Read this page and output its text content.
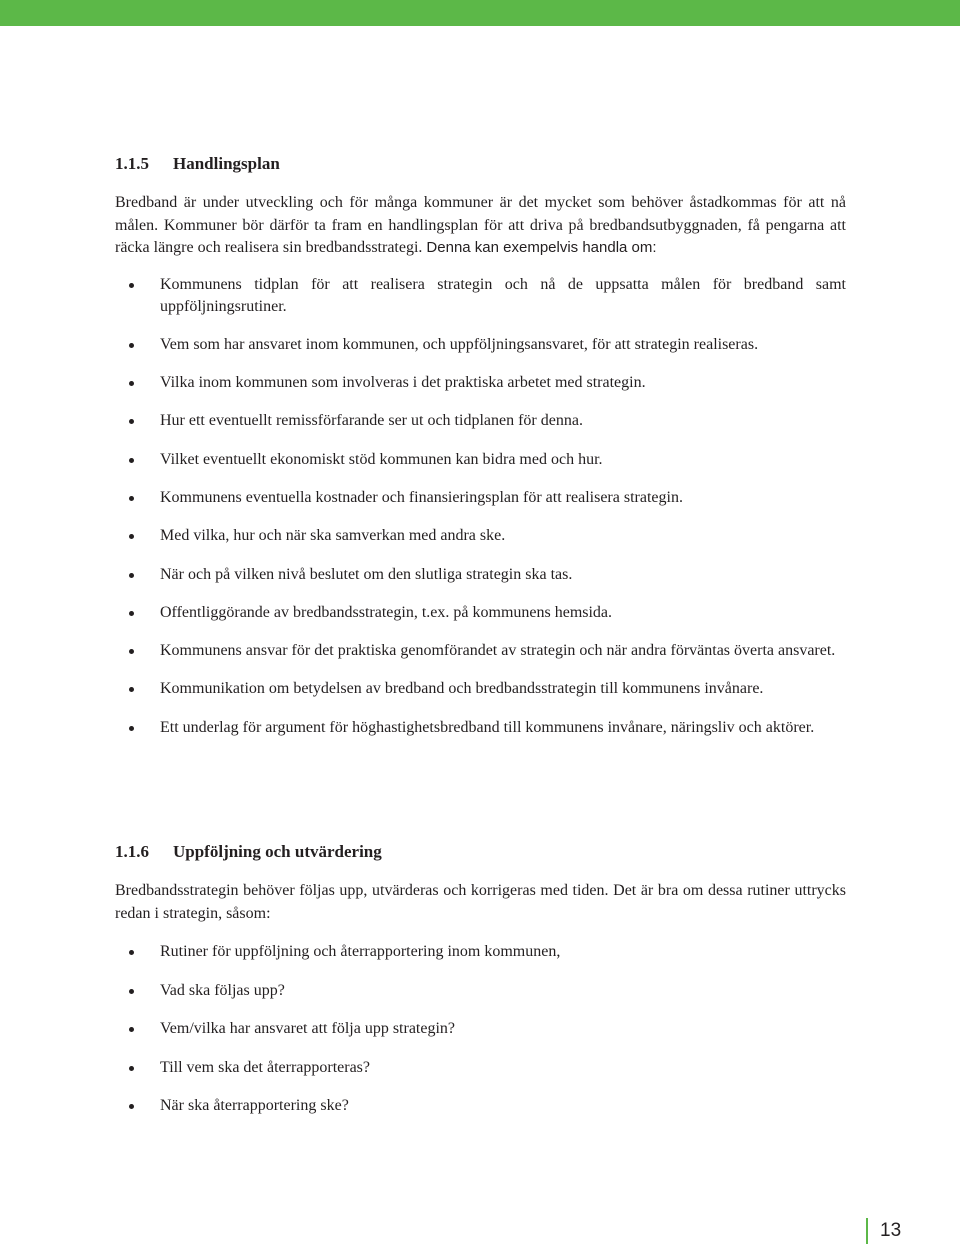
1.1.5 Handlingsplan

Bredband är under utveckling och för många kommuner är det mycket som behöver åstadkommas för att nå målen. Kommuner bör därför ta fram en handlingsplan för att driva på bredbandsutbyggnaden, få pengarna att räcka längre och realisera sin bredbandsstrategi. Denna kan exempelvis handla om:

Kommunens tidplan för att realisera strategin och nå de uppsatta målen för bredband samt uppföljningsrutiner.
Vem som har ansvaret inom kommunen, och uppföljningsansvaret, för att strategin realiseras.
Vilka inom kommunen som involveras i det praktiska arbetet med strategin.
Hur ett eventuellt remissförfarande ser ut och tidplanen för denna.
Vilket eventuellt ekonomiskt stöd kommunen kan bidra med och hur.
Kommunens eventuella kostnader och finansieringsplan för att realisera strategin.
Med vilka, hur och när ska samverkan med andra ske.
När och på vilken nivå beslutet om den slutliga strategin ska tas.
Offentliggörande av bredbandsstrategin, t.ex. på kommunens hemsida.
Kommunens ansvar för det praktiska genomförandet av strategin och när andra förväntas överta ansvaret.
Kommunikation om betydelsen av bredband och bredbandsstrategin till kommunens invånare.
Ett underlag för argument för höghastighetsbredband till kommunens invånare, näringsliv och aktörer.
1.1.6 Uppföljning och utvärdering

Bredbandsstrategin behöver följas upp, utvärderas och korrigeras med tiden. Det är bra om dessa rutiner uttrycks redan i strategin, såsom:

Rutiner för uppföljning och återrapportering inom kommunen,
Vad ska följas upp?
Vem/vilka har ansvaret att följa upp strategin?
Till vem ska det återrapporteras?
När ska återrapportering ske?
13
